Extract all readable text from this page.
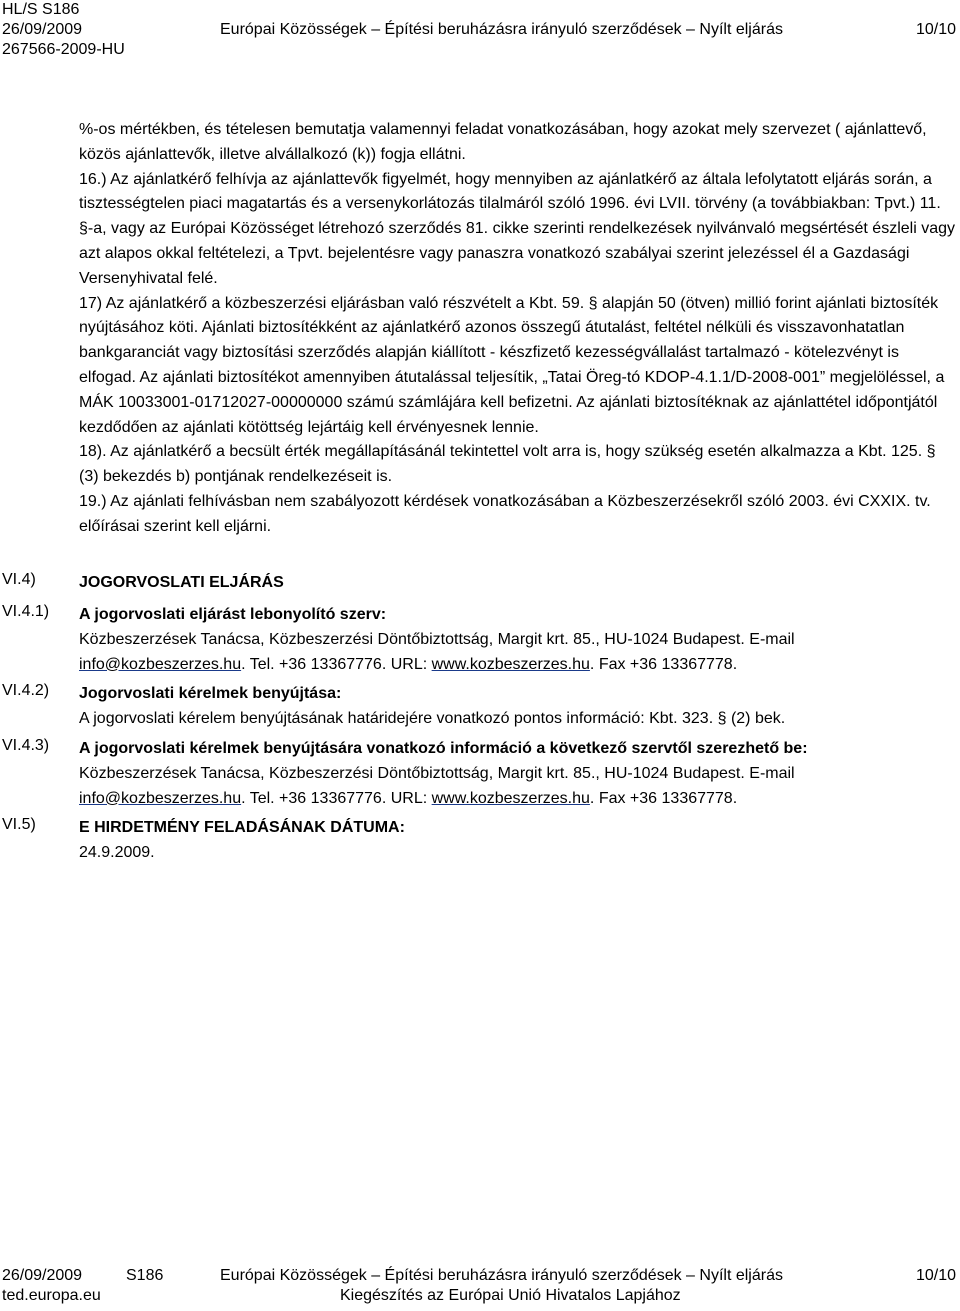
HL/S S186
26/09/2009	Európai Közösségek – Építési beruházásra irányuló szerződések – Nyílt eljárás	10/10
267566-2009-HU

%-os mértékben, és tételesen bemutatja valamennyi feladat vonatkozásában, hogy azokat mely szervezet ( ajánlattevő, közös ajánlattevők, illetve alvállalkozó (k)) fogja ellátni.

16.) Az ajánlatkérő felhívja az ajánlattevők figyelmét, hogy mennyiben az ajánlatkérő az általa lefolytatott eljárás során, a tisztességtelen piaci magatartás és a versenykorlátozás tilalmáról szóló 1996. évi LVII. törvény (a továbbiakban: Tpvt.) 11. §-a, vagy az Európai Közösséget létrehozó szerződés 81. cikke szerinti rendelkezések nyilvánvaló megsértését észleli vagy azt alapos okkal feltételezi, a Tpvt. bejelentésre vagy panaszra vonatkozó szabályai szerint jelezéssel él a Gazdasági Versenyhivatal felé.

17) Az ajánlatkérő a közbeszerzési eljárásban való részvételt a Kbt. 59. § alapján 50 (ötven) millió forint ajánlati biztosíték nyújtásához köti. Ajánlati biztosítékként az ajánlatkérő azonos összegű átutalást, feltétel nélküli és visszavonhatatlan bankgaranciát vagy biztosítási szerződés alapján kiállított - készfizető kezességvállalást tartalmazó - kötelezvényt is elfogad. Az ajánlati biztosítékot amennyiben átutalással teljesítik, „Tatai Öreg-tó KDOP-4.1.1/D-2008-001” megjelöléssel, a MÁK 10033001-01712027-00000000 számú számlájára kell befizetni. Az ajánlati biztosítéknak az ajánlattétel időpontjától kezdődően az ajánlati kötöttség lejártáig kell érvényesnek lennie.

18). Az ajánlatkérő a becsült érték megállapításánál tekintettel volt arra is, hogy szükség esetén alkalmazza a Kbt. 125. § (3) bekezdés b) pontjának rendelkezéseit is.

19.) Az ajánlati felhívásban nem szabályozott kérdések vonatkozásában a Közbeszerzésekről szóló 2003. évi CXXIX. tv. előírásai szerint kell eljárni.

VI.4)	JOGORVOSLATI ELJÁRÁS
VI.4.1) A jogorvoslati eljárást lebonyolító szerv:
Közbeszerzések Tanácsa, Közbeszerzési Döntőbiztottság, Margit krt. 85., HU-1024 Budapest. E-mail
info@kozbeszerzes.hu. Tel. +36 13367776. URL: www.kozbeszerzes.hu. Fax +36 13367778.
VI.4.2) Jogorvoslati kérelmek benyújtása:
A jogorvoslati kérelem benyújtásának határidejére vonatkozó pontos információ: Kbt. 323. § (2) bek.
VI.4.3) A jogorvoslati kérelmek benyújtására vonatkozó információ a következő szervtől szerezhető be:
Közbeszerzések Tanácsa, Közbeszerzési Döntőbiztottság, Margit krt. 85., HU-1024 Budapest. E-mail
info@kozbeszerzes.hu. Tel. +36 13367776. URL: www.kozbeszerzes.hu. Fax +36 13367778.
VI.5)	E HIRDETMÉNY FELADÁSÁNAK DÁTUMA:
24.9.2009.
26/09/2009	S186	Európai Közösségek – Építési beruházásra irányuló szerződések – Nyílt eljárás	10/10
ted.europa.eu	Kiegészítés az Európai Unió Hivatalos Lapjához
